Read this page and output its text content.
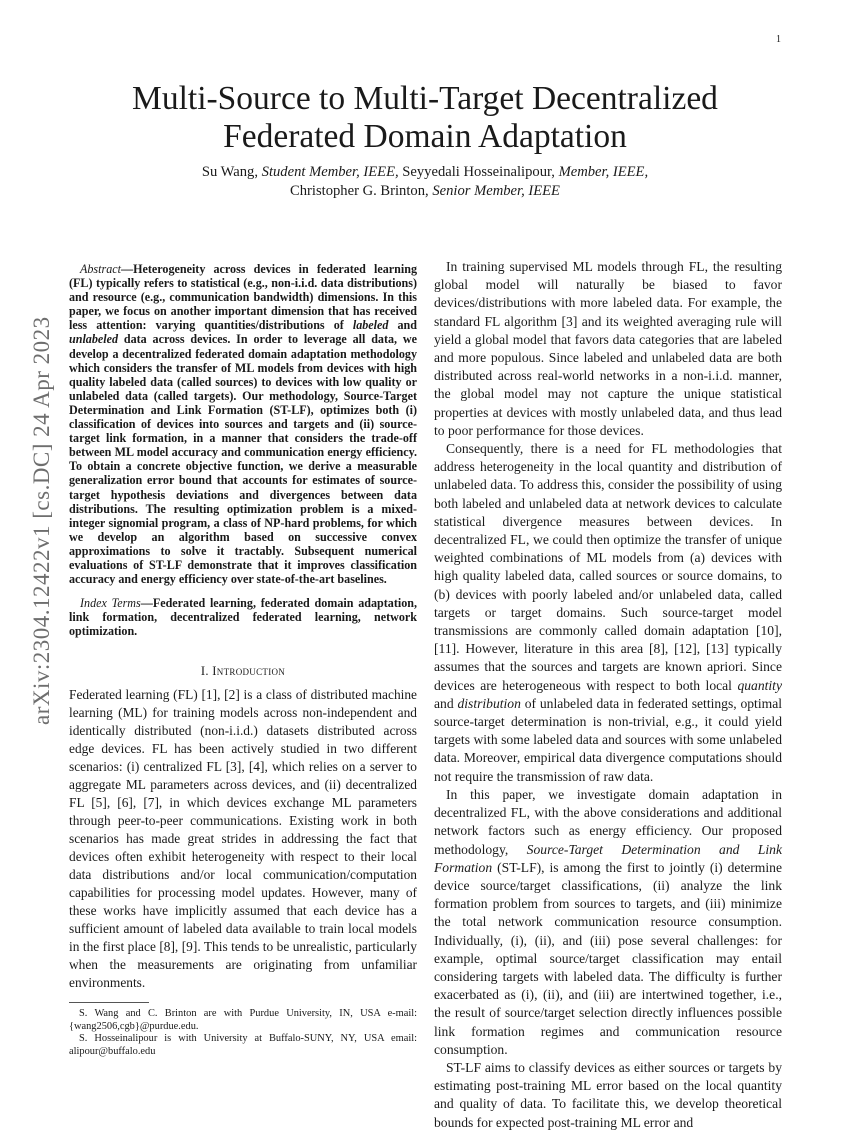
1
arXiv:2304.12422v1 [cs.DC] 24 Apr 2023
Multi-Source to Multi-Target Decentralized
Federated Domain Adaptation
Su Wang, Student Member, IEEE, Seyyedali Hosseinalipour, Member, IEEE,
Christopher G. Brinton, Senior Member, IEEE

Abstract—Heterogeneity across devices in federated learning (FL) typically refers to statistical (e.g., non-i.i.d. data distributions) and resource (e.g., communication bandwidth) dimensions. In this paper, we focus on another important dimension that has received less attention: varying quantities/distributions of labeled and unlabeled data across devices. In order to leverage all data, we develop a decentralized federated domain adaptation methodology which considers the transfer of ML models from devices with high quality labeled data (called sources) to devices with low quality or unlabeled data (called targets). Our methodology, Source-Target Determination and Link Formation (ST-LF), optimizes both (i) classification of devices into sources and targets and (ii) source-target link formation, in a manner that considers the trade-off between ML model accuracy and communication energy efficiency. To obtain a concrete objective function, we derive a measurable generalization error bound that accounts for estimates of source-target hypothesis deviations and divergences between data distributions. The resulting optimization problem is a mixed-integer signomial program, a class of NP-hard problems, for which we develop an algorithm based on successive convex approximations to solve it tractably. Subsequent numerical evaluations of ST-LF demonstrate that it improves classification accuracy and energy efficiency over state-of-the-art baselines.

Index Terms—Federated learning, federated domain adaptation, link formation, decentralized federated learning, network optimization.

I. Introduction

Federated learning (FL) [1], [2] is a class of distributed machine learning (ML) for training models across non-independent and identically distributed (non-i.i.d.) datasets distributed across edge devices. FL has been actively studied in two different scenarios: (i) centralized FL [3], [4], which relies on a server to aggregate ML parameters across devices, and (ii) decentralized FL [5], [6], [7], in which devices exchange ML parameters through peer-to-peer communications. Existing work in both scenarios has made great strides in addressing the fact that devices often exhibit heterogeneity with respect to their local data distributions and/or local communication/computation capabilities for processing model updates. However, many of these works have implicitly assumed that each device has a sufficient amount of labeled data available to train local models in the first place [8], [9]. This tends to be unrealistic, particularly when the measurements are originating from unfamiliar environments.

S. Wang and C. Brinton are with Purdue University, IN, USA e-mail: {wang2506,cgb}@purdue.edu.

S. Hosseinalipour is with University at Buffalo-SUNY, NY, USA email: alipour@buffalo.edu

In training supervised ML models through FL, the resulting global model will naturally be biased to favor devices/distributions with more labeled data. For example, the standard FL algorithm [3] and its weighted averaging rule will yield a global model that favors data categories that are labeled and more populous. Since labeled and unlabeled data are both distributed across real-world networks in a non-i.i.d. manner, the global model may not capture the unique statistical properties at devices with mostly unlabeled data, and thus lead to poor performance for those devices.

Consequently, there is a need for FL methodologies that address heterogeneity in the local quantity and distribution of unlabeled data. To address this, consider the possibility of using both labeled and unlabeled data at network devices to calculate statistical divergence measures between devices. In decentralized FL, we could then optimize the transfer of unique weighted combinations of ML models from (a) devices with high quality labeled data, called sources or source domains, to (b) devices with poorly labeled and/or unlabeled data, called targets or target domains. Such source-target model transmissions are commonly called domain adaptation [10], [11]. However, literature in this area [8], [12], [13] typically assumes that the sources and targets are known apriori. Since devices are heterogeneous with respect to both local quantity and distribution of unlabeled data in federated settings, optimal source-target determination is non-trivial, e.g., it could yield targets with some labeled data and sources with some unlabeled data. Moreover, empirical data divergence computations should not require the transmission of raw data.

In this paper, we investigate domain adaptation in decentralized FL, with the above considerations and additional network factors such as energy efficiency. Our proposed methodology, Source-Target Determination and Link Formation (ST-LF), is among the first to jointly (i) determine device source/target classifications, (ii) analyze the link formation problem from sources to targets, and (iii) minimize the total network communication resource consumption. Individually, (i), (ii), and (iii) pose several challenges: for example, optimal source/target classification may entail considering targets with labeled data. The difficulty is further exacerbated as (i), (ii), and (iii) are intertwined together, i.e., the result of source/target selection directly influences possible link formation regimes and communication resource consumption.

ST-LF aims to classify devices as either sources or targets by estimating post-training ML error based on the local quantity and quality of data. To facilitate this, we develop theoretical bounds for expected post-training ML error and
